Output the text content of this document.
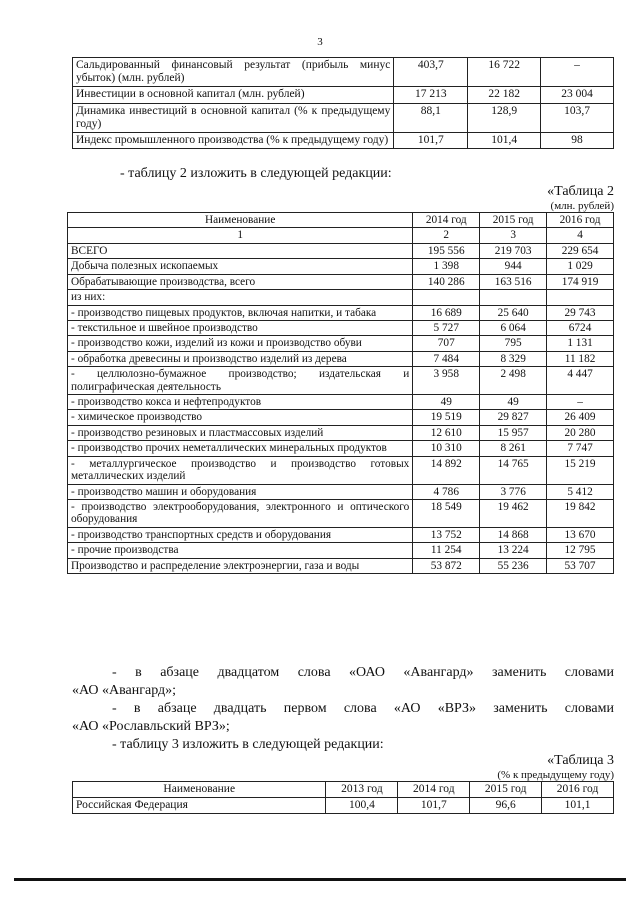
3
Сальдированный финансовый результат (прибыль минус убыток) (млн. рублей)	403,7	16 722	–
Инвестиции в основной капитал (млн. рублей)	17 213	22 182	23 004
Динамика инвестиций в основной капитал (% к предыдущему году)	88,1	128,9	103,7
Индекс промышленного производства (% к предыдущему году)	101,7	101,4	98
- таблицу 2 изложить в следующей редакции:
«Таблица 2
(млн. рублей)
Наименование	2014 год	2015 год	2016 год
1	2	3	4
ВСЕГО	195 556	219 703	229 654
Добыча полезных ископаемых	1 398	944	1 029
Обрабатывающие производства, всего	140 286	163 516	174 919
из них:			
- производство пищевых продуктов, включая напитки, и табака	16 689	25 640	29 743
- текстильное и швейное производство	5 727	6 064	6724
- производство кожи, изделий из кожи и производство обуви	707	795	1 131
- обработка древесины и производство изделий из дерева	7 484	8 329	11 182
- целлюлозно-бумажное производство; издательская и полиграфическая деятельность	3 958	2 498	4 447
- производство кокса и нефтепродуктов	49	49	–
- химическое производство	19 519	29 827	26 409
- производство резиновых и пластмассовых изделий	12 610	15 957	20 280
- производство прочих неметаллических минеральных продуктов	10 310	8 261	7 747
- металлургическое производство и производство готовых металлических изделий	14 892	14 765	15 219
- производство машин и оборудования	4 786	3 776	5 412
- производство электрооборудования, электронного и оптического оборудования	18 549	19 462	19 842
- производство транспортных средств и оборудования	13 752	14 868	13 670
- прочие производства	11 254	13 224	12 795
Производство и распределение электроэнергии, газа и воды	53 872	55 236	53 707
- в абзаце двадцатом слова «ОАО «Авангард» заменить словами
«АО «Авангард»;
- в абзаце двадцать первом слова «АО «ВРЗ» заменить словами
«АО «Рославльский ВРЗ»;
- таблицу 3 изложить в следующей редакции:
«Таблица 3
(% к предыдущему году)
Наименование	2013 год	2014 год	2015 год	2016 год
Российская Федерация	100,4	101,7	96,6	101,1
